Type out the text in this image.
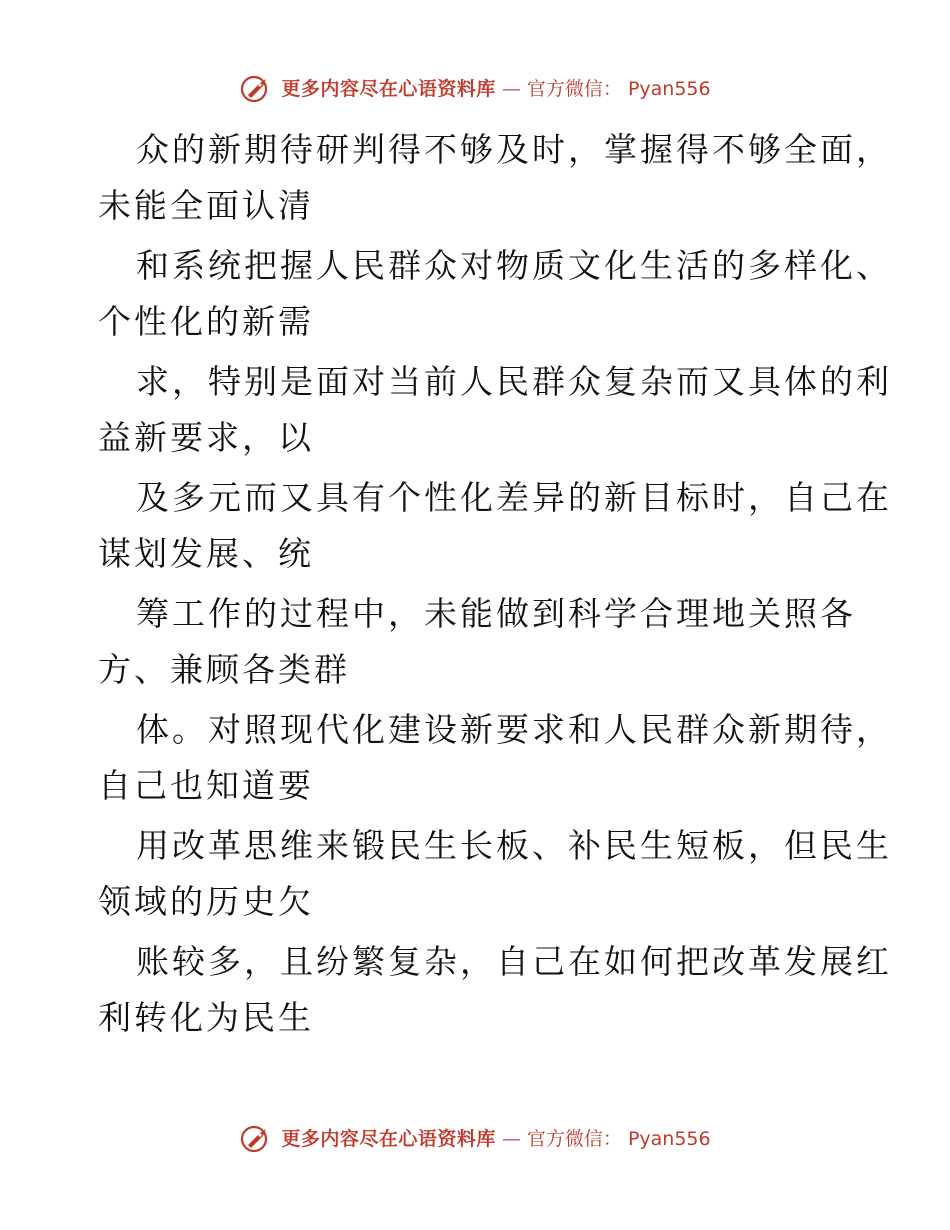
更多内容尽在心语资料库 — 官方微信： Pyan556

众的新期待研判得不够及时，掌握得不够全面，
未能全面认清

和系统把握人民群众对物质文化生活的多样化、
个性化的新需

求，特别是面对当前人民群众复杂而又具体的利
益新要求，以

及多元而又具有个性化差异的新目标时，自己在
谋划发展、统

筹工作的过程中，未能做到科学合理地关照各
方、兼顾各类群

体。对照现代化建设新要求和人民群众新期待，
自己也知道要

用改革思维来锻民生长板、补民生短板，但民生
领域的历史欠

账较多，且纷繁复杂，自己在如何把改革发展红
利转化为民生

更多内容尽在心语资料库 — 官方微信： Pyan556
